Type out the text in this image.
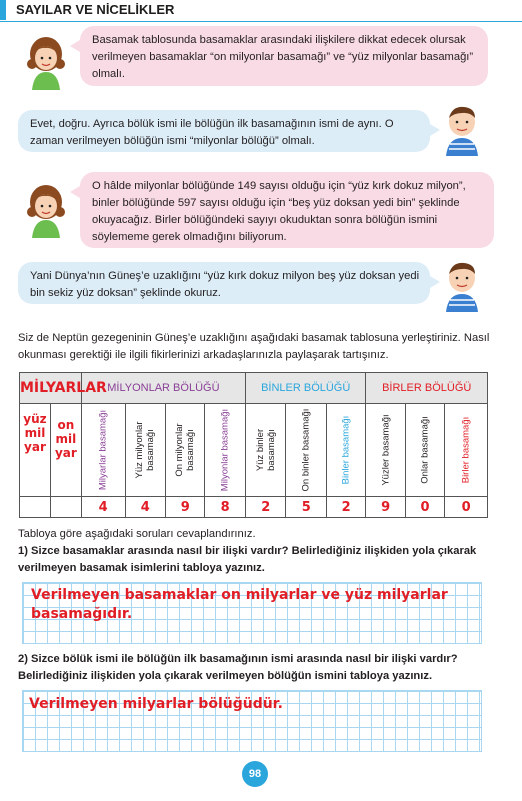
SAYILAR VE NİCELİKLER
Basamak tablosunda basamaklar arasındaki ilişkilere dikkat edecek olursak verilmeyen basamaklar “on milyonlar basamağı” ve “yüz milyonlar basamağı” olmalı.
Evet, doğru. Ayrıca bölük ismi ile bölüğün ilk basamağının ismi de aynı. O zaman verilmeyen bölüğün ismi “milyonlar bölüğü” olmalı.
O hâlde milyonlar bölüğünde 149 sayısı olduğu için “yüz kırk dokuz milyon”, binler bölüğünde 597 sayısı olduğu için “beş yüz doksan yedi bin” şeklinde okuyacağız. Birler bölüğündeki sayıyı okuduktan sonra bölüğün ismini söylememe gerek olmadığını biliyorum.
Yani Dünya’nın Güneş’e uzaklığını “yüz kırk dokuz milyon beş yüz doksan yedi bin sekiz yüz doksan” şeklinde okuruz.
Siz de Neptün gezegeninin Güneş’e uzaklığını aşağıdaki basamak tablosuna yerleştiriniz. Nasıl okunması gerektiği ile ilgili fikirlerinizi arkadaşlarınızla paylaşarak tartışınız.
MİLYARLAR		MİLYONLAR BÖLÜĞÜ				BİNLER BÖLÜĞÜ			BİRLER BÖLÜĞÜ		

yüz mil yar	on mil yar	Milyarlar basamağı	Yüz milyonlar basamağı	On milyonlar basamağı	Milyonlar basamağı	Yüz binler basamağı	On binler basamağı	Binler basamağı	Yüzler basamağı	Onlar basamağı	Birler basamağı

		4	4	9	8	2	5	2	9	0	0
Tabloya göre aşağıdaki soruları cevaplandırınız.
1) Sizce basamaklar arasında nasıl bir ilişki vardır? Belirlediğiniz ilişkiden yola çıkarak verilmeyen basamak isimlerini tabloya yazınız.
Verilmeyen basamaklar on milyarlar ve yüz milyarlar
basamağıdır.
2) Sizce bölük ismi ile bölüğün ilk basamağının ismi arasında nasıl bir ilişki vardır? Belirlediğiniz ilişkiden yola çıkarak verilmeyen bölüğün ismini tabloya yazınız.
Verilmeyen milyarlar bölüğüdür.
98
